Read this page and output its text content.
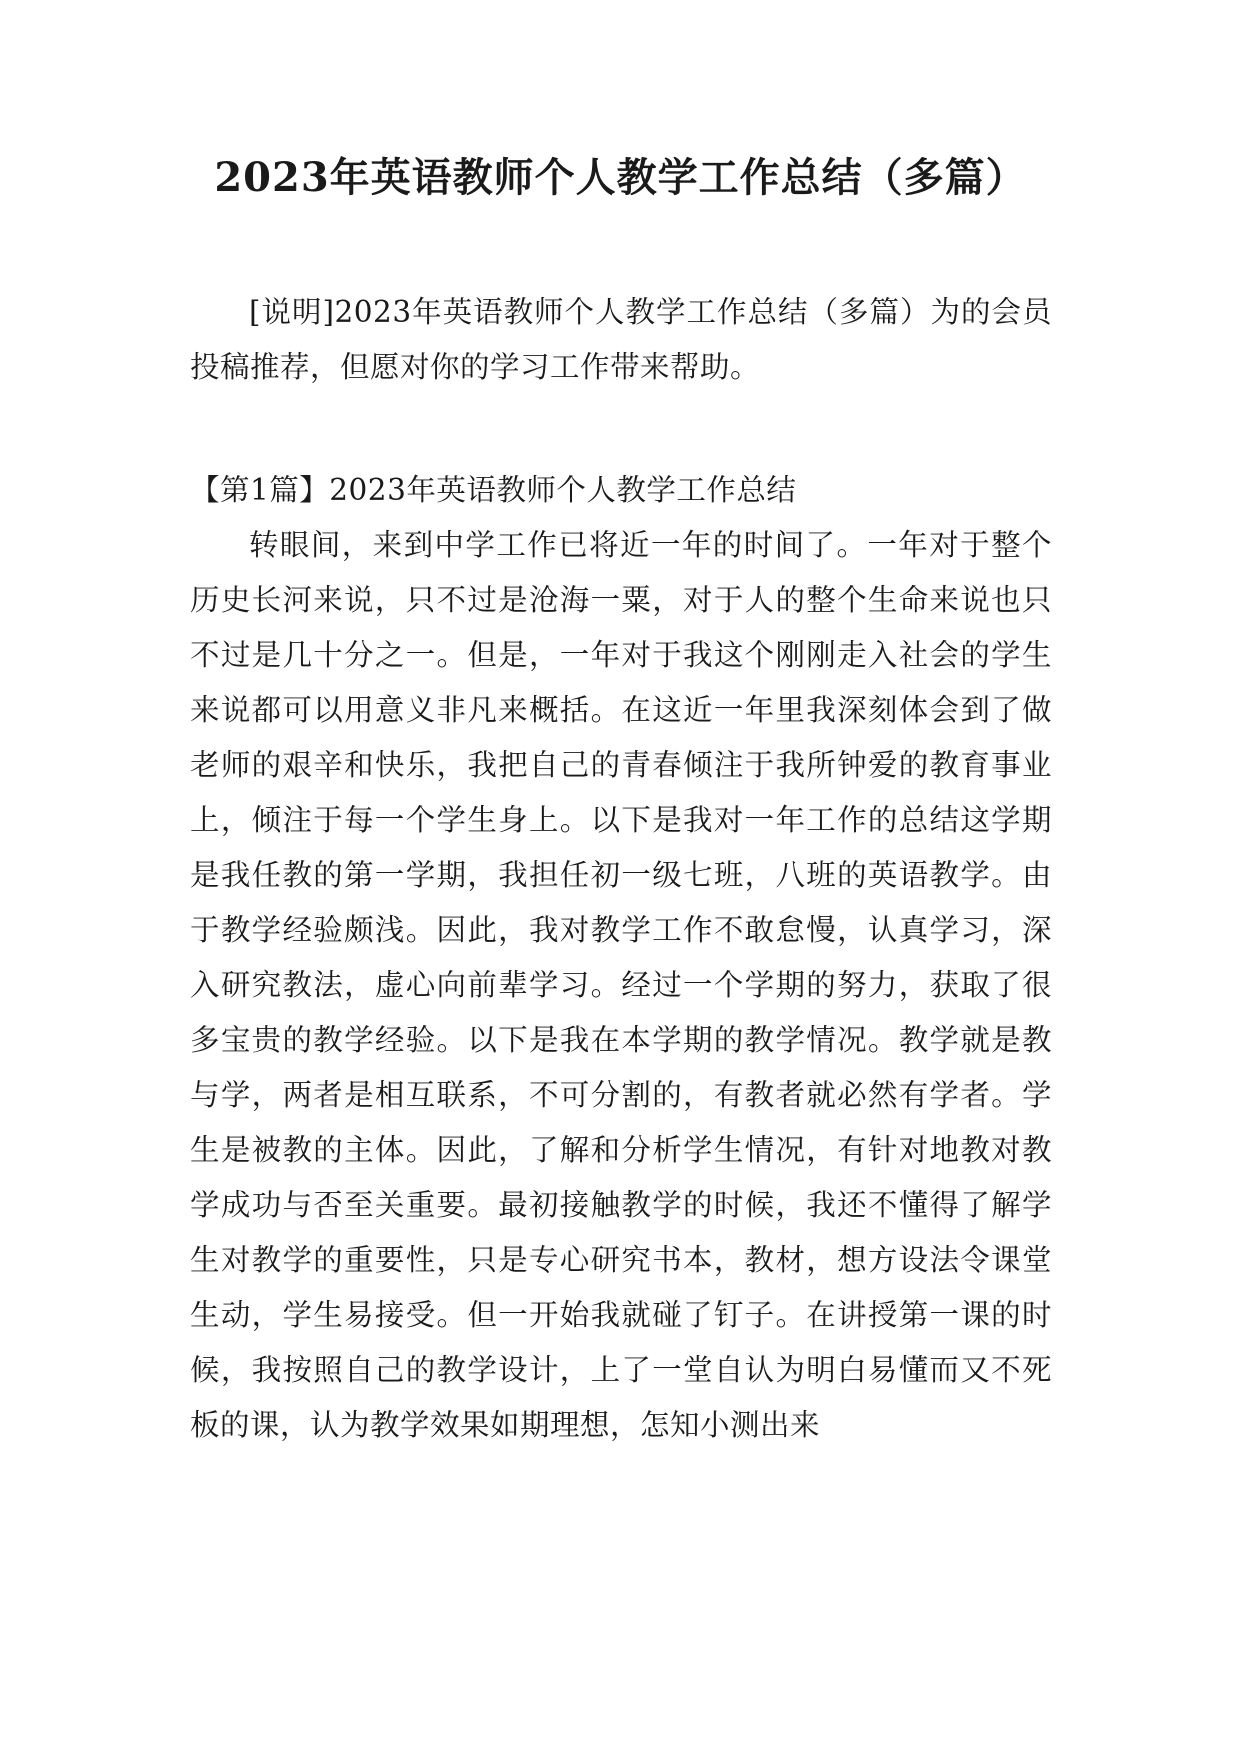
2023年英语教师个人教学工作总结（多篇）

[说明]2023年英语教师个人教学工作总结（多篇）为的会员投稿推荐，但愿对你的学习工作带来帮助。

【第1篇】2023年英语教师个人教学工作总结

转眼间，来到中学工作已将近一年的时间了。一年对于整个历史长河来说，只不过是沧海一粟，对于人的整个生命来说也只不过是几十分之一。但是，一年对于我这个刚刚走入社会的学生来说都可以用意义非凡来概括。在这近一年里我深刻体会到了做老师的艰辛和快乐，我把自己的青春倾注于我所钟爱的教育事业上，倾注于每一个学生身上。以下是我对一年工作的总结这学期是我任教的第一学期，我担任初一级七班，八班的英语教学。由于教学经验颇浅。因此，我对教学工作不敢怠慢，认真学习，深入研究教法，虚心向前辈学习。经过一个学期的努力，获取了很多宝贵的教学经验。以下是我在本学期的教学情况。教学就是教与学，两者是相互联系，不可分割的，有教者就必然有学者。学生是被教的主体。因此，了解和分析学生情况，有针对地教对教学成功与否至关重要。最初接触教学的时候，我还不懂得了解学生对教学的重要性，只是专心研究书本，教材，想方设法令课堂生动，学生易接受。但一开始我就碰了钉子。在讲授第一课的时候，我按照自己的教学设计，上了一堂自认为明白易懂而又不死板的课，认为教学效果如期理想，怎知小测出来
